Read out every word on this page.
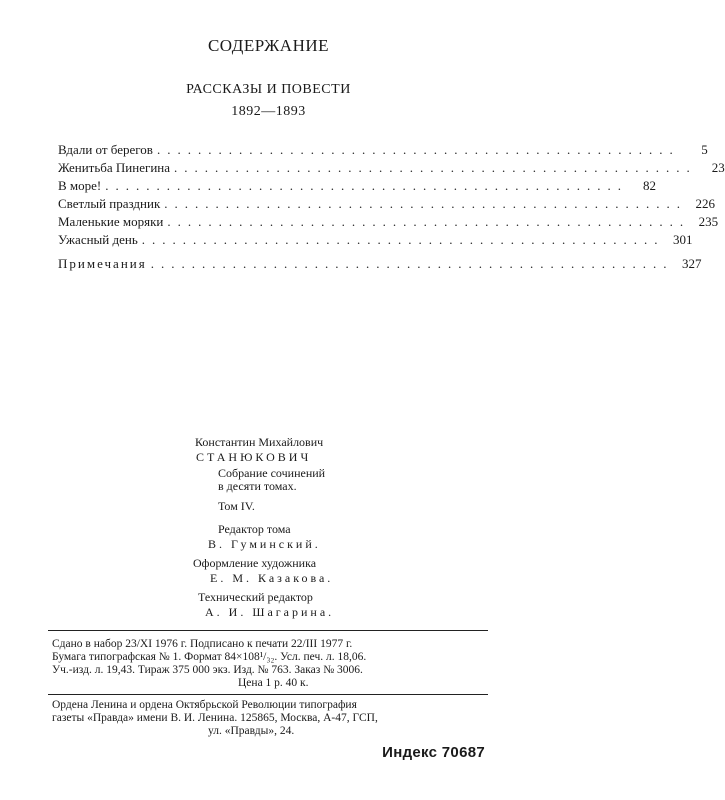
СОДЕРЖАНИЕ
РАССКАЗЫ И ПОВЕСТИ
1892—1893
Вдали от берегов ...................................................	5
Женитьба Пинегина ...................................................	23
В море! ...................................................	82
Светлый праздник ................................................... 226
Маленькие моряки ................................................... 235
Ужасный день ................................................... 301
Примечания ................................................... 327
Константин Михайлович
СТАНЮКОВИЧ
Собрание сочинений
в десяти томах.
Том IV.
Редактор тома
В. Гуминский.
Оформление художника
Е. М. Казакова.
Технический редактор
А. И. Шагарина.
Сдано в набор 23/XI 1976 г. Подписано к печати 22/III 1977 г.
Бумага типографская № 1. Формат 84×108¹/₃₂. Усл. печ. л. 18,06.
Уч.-изд. л. 19,43. Тираж 375 000 экз. Изд. № 763. Заказ № 3006.
Цена 1 р. 40 к.
Ордена Ленина и ордена Октябрьской Революции типография
газеты «Правда» имени В. И. Ленина. 125865, Москва, А-47, ГСП,
ул. «Правды», 24.
Индекс 70687
